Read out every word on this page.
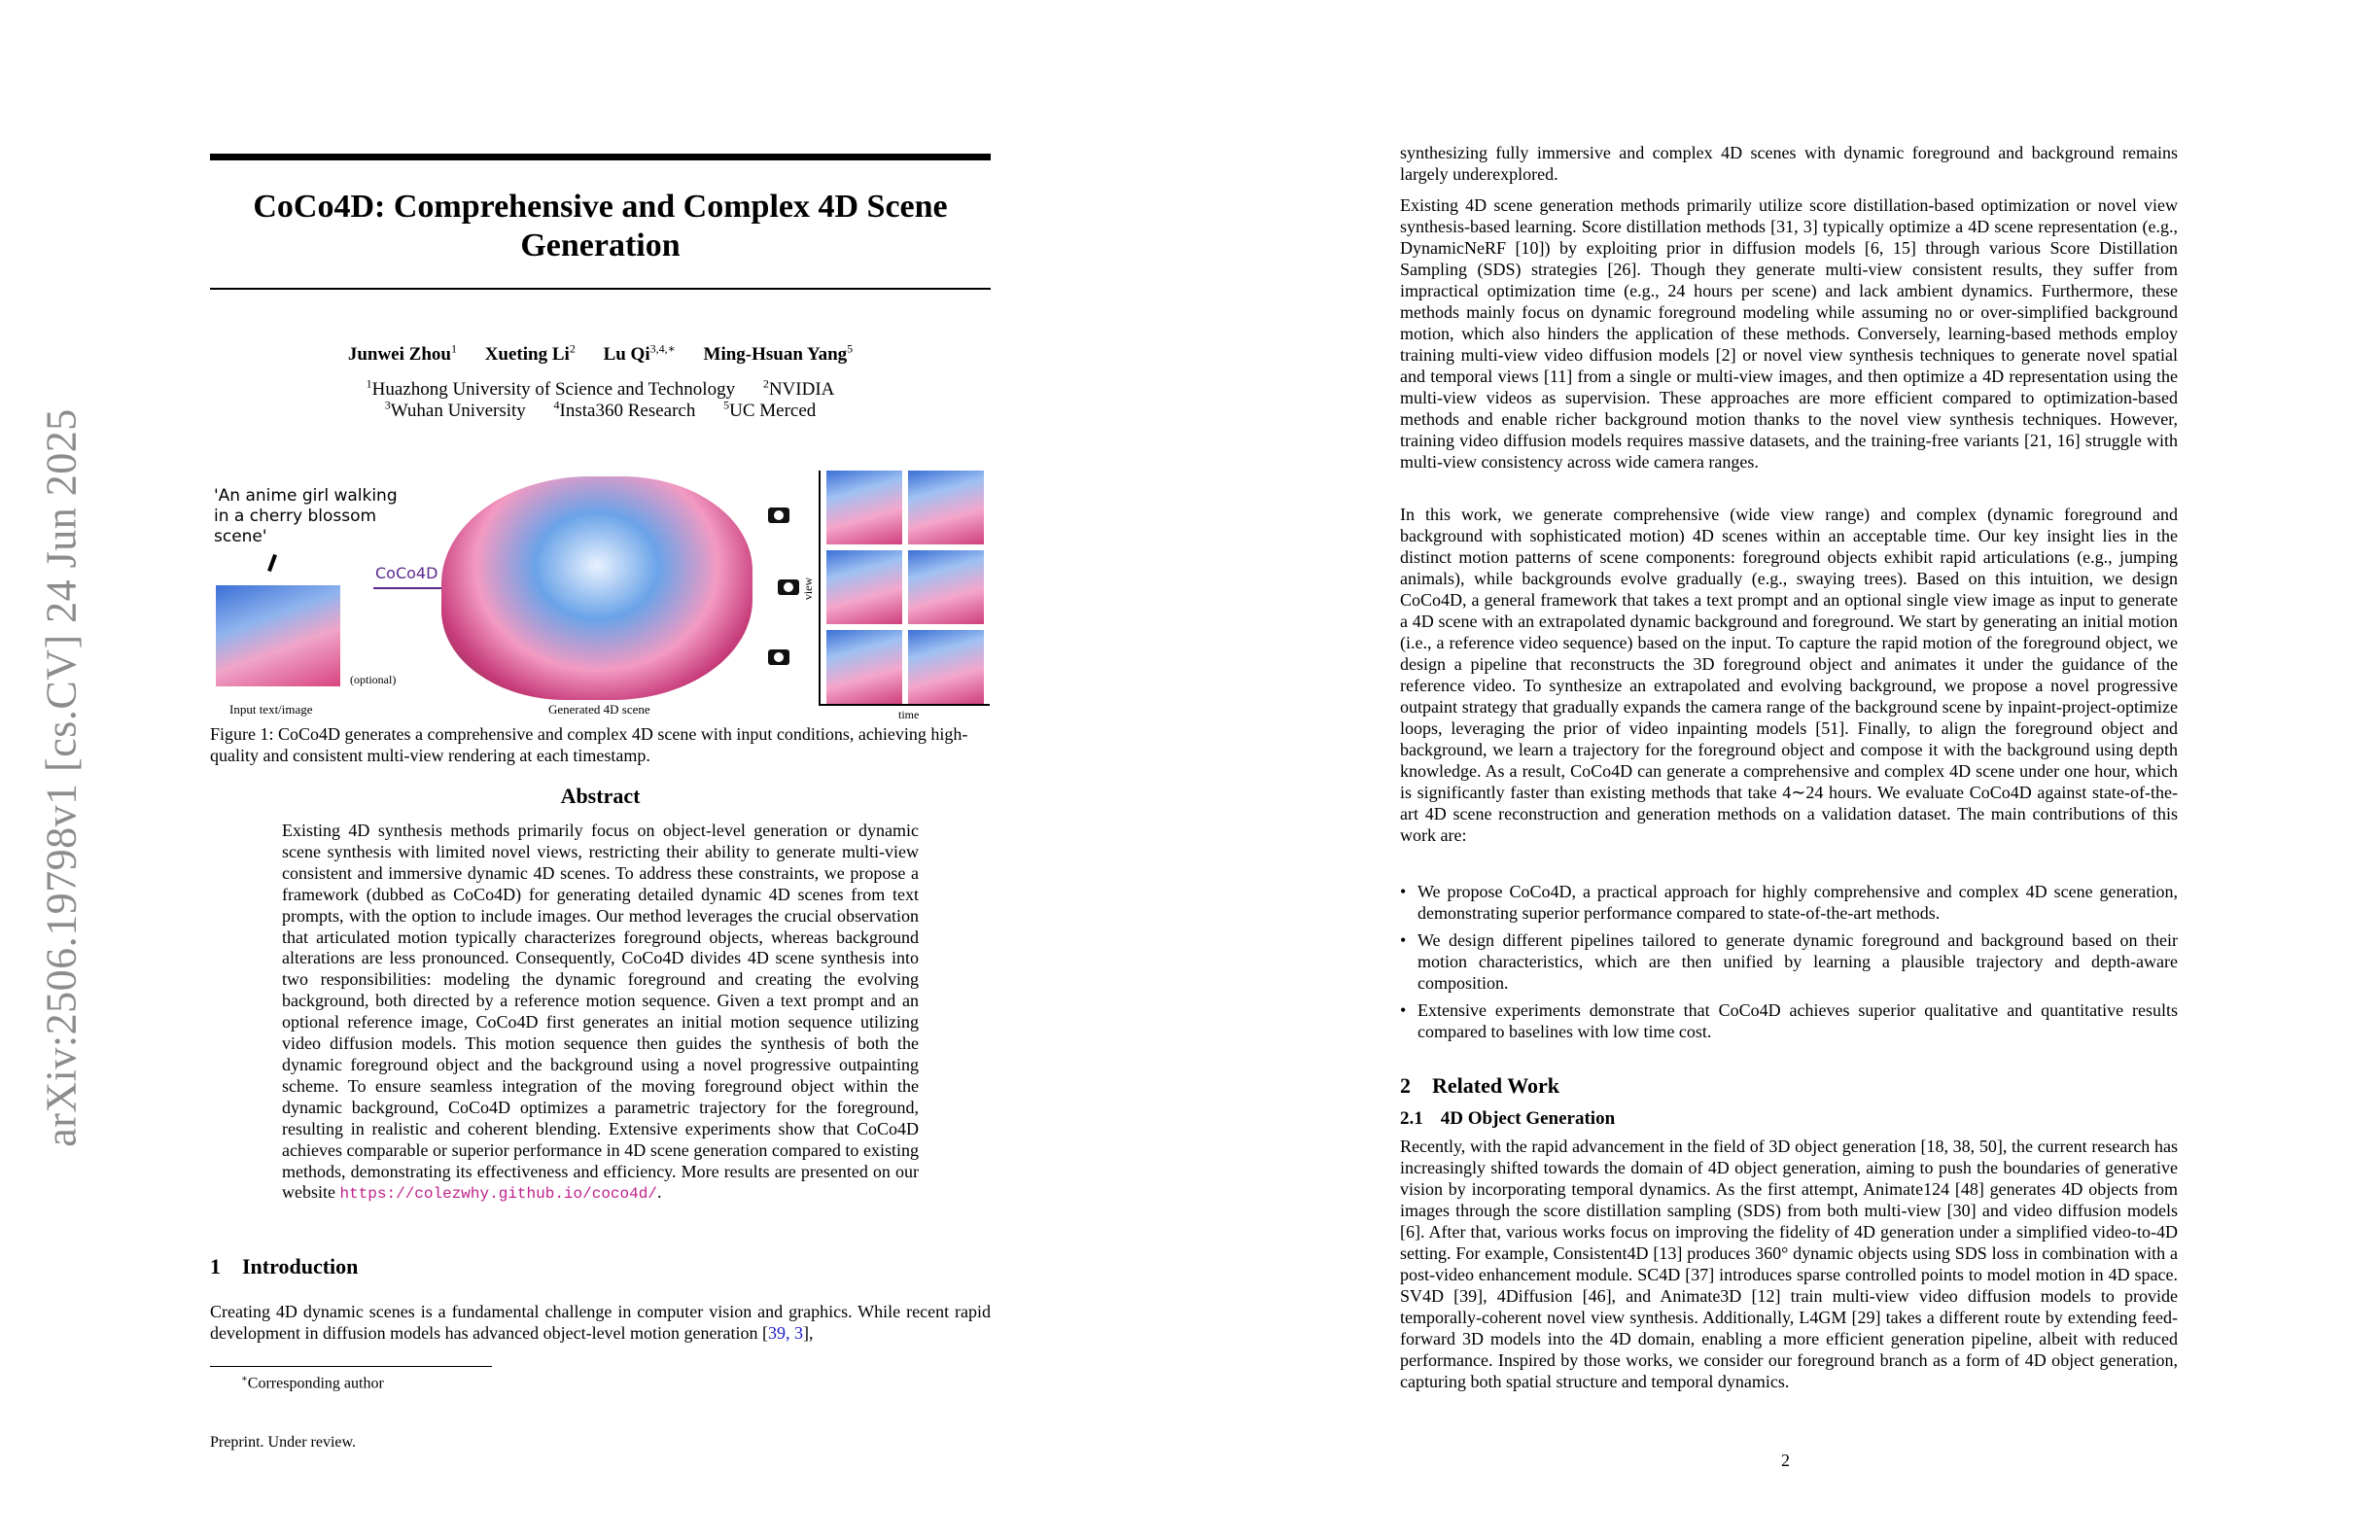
arXiv:2506.19798v1 [cs.CV] 24 Jun 2025
CoCo4D: Comprehensive and Complex 4D Scene Generation
Junwei Zhou$^1$ Xueting Li$^2$ Lu $Qi^{3,4,∗}$ Ming-Hsuan Yang$^5$
$^1$Huazhong University of Science and Technology $^2$NVIDIA
$^3$Wuhan University $^4$Insta360 Research $^5$UC Merced
'An anime girl walking in a cherry blossom scene'
CoCo4D
(optional)
Input text/image	Generated 4D scene
view
time
Figure 1: CoCo4D generates a comprehensive and complex 4D scene with input conditions, achieving high-quality and consistent multi-view rendering at each timestamp.
Abstract
Existing 4D synthesis methods primarily focus on object-level generation or dynamic scene synthesis with limited novel views, restricting their ability to generate multi-view consistent and immersive dynamic 4D scenes. To address these constraints, we propose a framework (dubbed as CoCo4D) for generating detailed dynamic 4D scenes from text prompts, with the option to include images. Our method leverages the crucial observation that articulated motion typically characterizes foreground objects, whereas background alterations are less pronounced. Consequently, CoCo4D divides 4D scene synthesis into two responsibilities: modeling the dynamic foreground and creating the evolving background, both directed by a reference motion sequence. Given a text prompt and an optional reference image, CoCo4D first generates an initial motion sequence utilizing video diffusion models. This motion sequence then guides the synthesis of both the dynamic foreground object and the background using a novel progressive outpainting scheme. To ensure seamless integration of the moving foreground object within the dynamic background, CoCo4D optimizes a parametric trajectory for the foreground, resulting in realistic and coherent blending. Extensive experiments show that CoCo4D achieves comparable or superior performance in 4D scene generation compared to existing methods, demonstrating its effectiveness and efficiency. More results are presented on our website https://colezwhy.github.io/coco4d/.
1 Introduction
Creating 4D dynamic scenes is a fundamental challenge in computer vision and graphics. While recent rapid development in diffusion models has advanced object-level motion generation [39, 3],
∗Corresponding author
Preprint. Under review.
synthesizing fully immersive and complex 4D scenes with dynamic foreground and background remains largely underexplored.
Existing 4D scene generation methods primarily utilize score distillation-based optimization or novel view synthesis-based learning. Score distillation methods [31, 3] typically optimize a 4D scene representation (e.g., DynamicNeRF [10]) by exploiting prior in diffusion models [6, 15] through various Score Distillation Sampling (SDS) strategies [26]. Though they generate multi-view consistent results, they suffer from impractical optimization time (e.g., 24 hours per scene) and lack ambient dynamics. Furthermore, these methods mainly focus on dynamic foreground modeling while assuming no or over-simplified background motion, which also hinders the application of these methods. Conversely, learning-based methods employ training multi-view video diffusion models [2] or novel view synthesis techniques to generate novel spatial and temporal views [11] from a single or multi-view images, and then optimize a 4D representation using the multi-view videos as supervision. These approaches are more efficient compared to optimization-based methods and enable richer background motion thanks to the novel view synthesis techniques. However, training video diffusion models requires massive datasets, and the training-free variants [21, 16] struggle with multi-view consistency across wide camera ranges.
In this work, we generate comprehensive (wide view range) and complex (dynamic foreground and background with sophisticated motion) 4D scenes within an acceptable time. Our key insight lies in the distinct motion patterns of scene components: foreground objects exhibit rapid articulations (e.g., jumping animals), while backgrounds evolve gradually (e.g., swaying trees). Based on this intuition, we design CoCo4D, a general framework that takes a text prompt and an optional single view image as input to generate a 4D scene with an extrapolated dynamic background and foreground. We start by generating an initial motion (i.e., a reference video sequence) based on the input. To capture the rapid motion of the foreground object, we design a pipeline that reconstructs the 3D foreground object and animates it under the guidance of the reference video. To synthesize an extrapolated and evolving background, we propose a novel progressive outpaint strategy that gradually expands the camera range of the background scene by inpaint-project-optimize loops, leveraging the prior of video inpainting models [51]. Finally, to align the foreground object and background, we learn a trajectory for the foreground object and compose it with the background using depth knowledge. As a result, CoCo4D can generate a comprehensive and complex 4D scene under one hour, which is significantly faster than existing methods that take 4∼24 hours. We evaluate CoCo4D against state-of-the-art 4D scene reconstruction and generation methods on a validation dataset. The main contributions of this work are:
• We propose CoCo4D, a practical approach for highly comprehensive and complex 4D scene generation, demonstrating superior performance compared to state-of-the-art methods.
• We design different pipelines tailored to generate dynamic foreground and background based on their motion characteristics, which are then unified by learning a plausible trajectory and depth-aware composition.
• Extensive experiments demonstrate that CoCo4D achieves superior qualitative and quantitative results compared to baselines with low time cost.
2 Related Work
2.1 4D Object Generation
Recently, with the rapid advancement in the field of 3D object generation [18, 38, 50], the current research has increasingly shifted towards the domain of 4D object generation, aiming to push the boundaries of generative vision by incorporating temporal dynamics. As the first attempt, Animate124 [48] generates 4D objects from images through the score distillation sampling (SDS) from both multi-view [30] and video diffusion models [6]. After that, various works focus on improving the fidelity of 4D generation under a simplified video-to-4D setting. For example, Consistent4D [13] produces 360° dynamic objects using SDS loss in combination with a post-video enhancement module. SC4D [37] introduces sparse controlled points to model motion in 4D space. SV4D [39], 4Diffusion [46], and Animate3D [12] train multi-view video diffusion models to provide temporally-coherent novel view synthesis. Additionally, L4GM [29] takes a different route by extending feed-forward 3D models into the 4D domain, enabling a more efficient generation pipeline, albeit with reduced performance. Inspired by those works, we consider our foreground branch as a form of 4D object generation, capturing both spatial structure and temporal dynamics.
2
